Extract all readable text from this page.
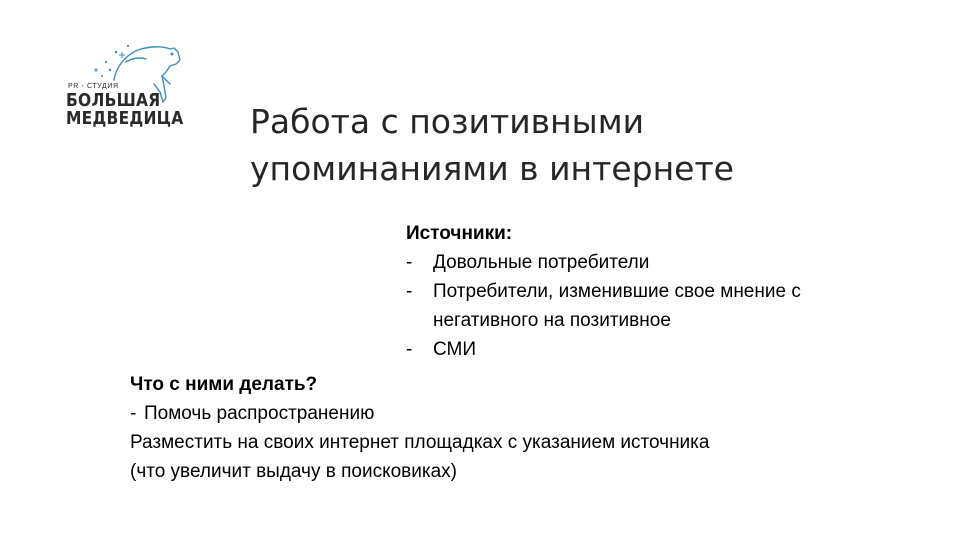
PR - СТУДИЯ
БОЛЬШАЯ
МЕДВЕДИЦА Работа с позитивными
упоминаниями в интернете
Источники:
- Довольные потребители
- Потребители, изменившие свое мнение с негативного на позитивное
- СМИ
Что с ними делать?
- Помочь распространению
Разместить на своих интернет площадках с указанием источника (что увеличит выдачу в поисковиках)
